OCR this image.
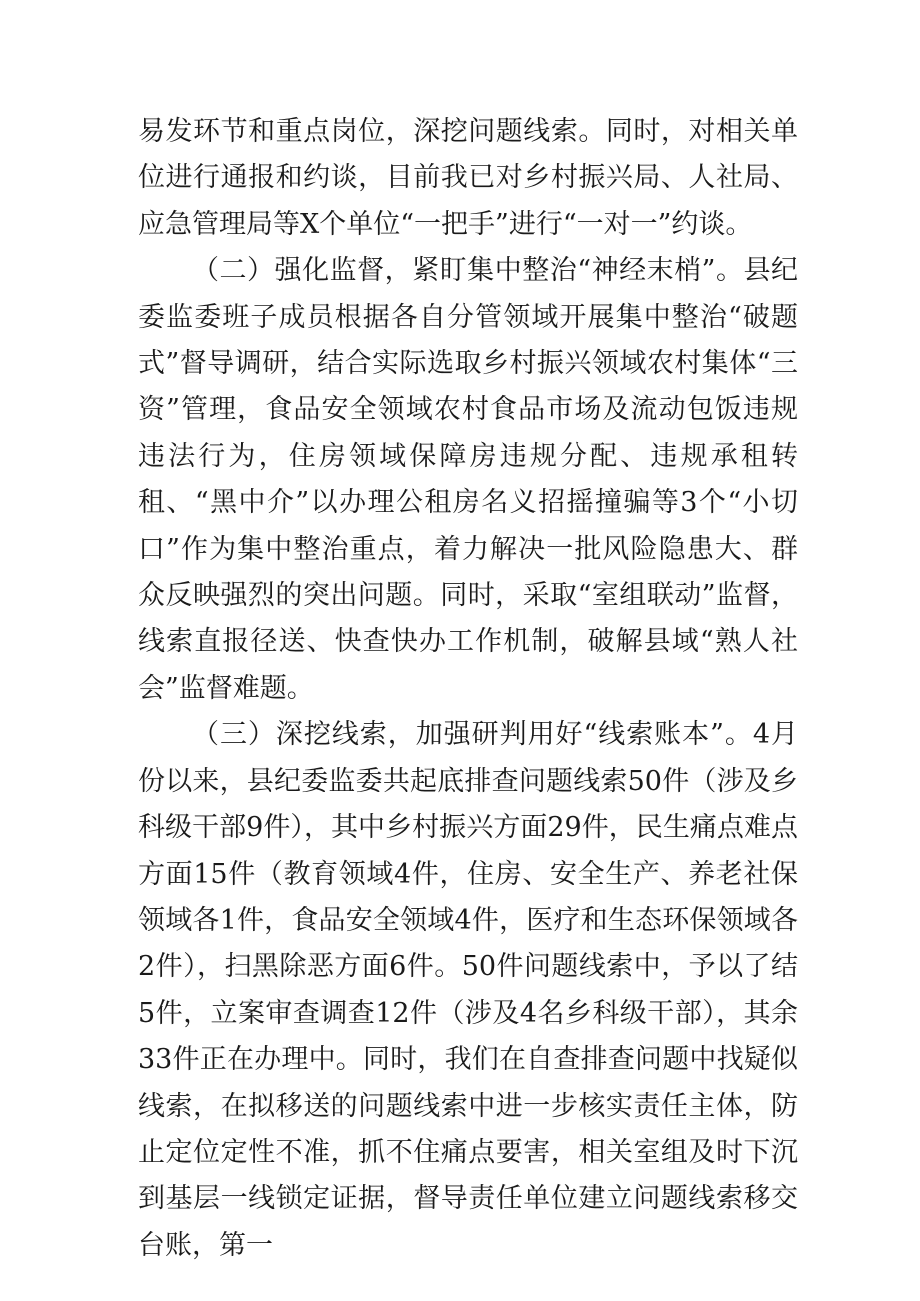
易发环节和重点岗位，深挖问题线索。同时，对相关单位进行通报和约谈，目前我已对乡村振兴局、人社局、应急管理局等X个单位“一把手”进行“一对一”约谈。

（二）强化监督，紧盯集中整治“神经末梢”。县纪委监委班子成员根据各自分管领域开展集中整治“破题式”督导调研，结合实际选取乡村振兴领域农村集体“三资”管理，食品安全领域农村食品市场及流动包饭违规违法行为，住房领域保障房违规分配、违规承租转租、“黑中介”以办理公租房名义招摇撞骗等3个“小切口”作为集中整治重点，着力解决一批风险隐患大、群众反映强烈的突出问题。同时，采取“室组联动”监督，线索直报径送、快查快办工作机制，破解县域“熟人社会”监督难题。

（三）深挖线索，加强研判用好“线索账本”。4月份以来，县纪委监委共起底排查问题线索50件（涉及乡科级干部9件），其中乡村振兴方面29件，民生痛点难点方面15件（教育领域4件，住房、安全生产、养老社保领域各1件，食品安全领域4件，医疗和生态环保领域各2件），扫黑除恶方面6件。50件问题线索中，予以了结5件，立案审查调查12件（涉及4名乡科级干部），其余33件正在办理中。同时，我们在自查排查问题中找疑似线索，在拟移送的问题线索中进一步核实责任主体，防止定位定性不准，抓不住痛点要害，相关室组及时下沉到基层一线锁定证据，督导责任单位建立问题线索移交台账，第一
